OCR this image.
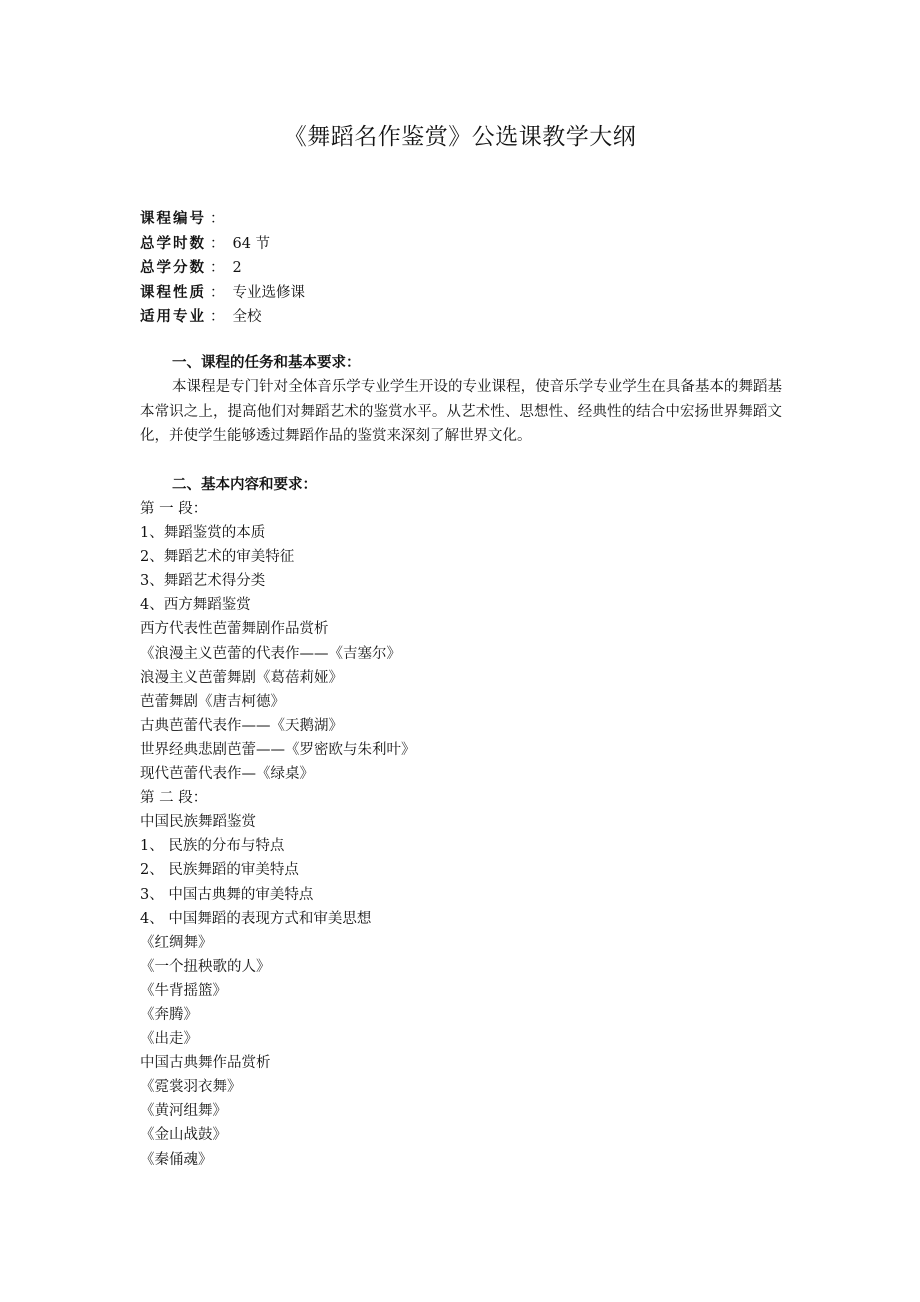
《舞蹈名作鉴赏》公选课教学大纲
课程编号 ：
总学时数 ： 64 节
总学分数 ： 2
课程性质 ： 专业选修课
适用专业 ： 全校
一、课程的任务和基本要求：

本课程是专门针对全体音乐学专业学生开设的专业课程，使音乐学专业学生在具备基本的舞蹈基本常识之上，提高他们对舞蹈艺术的鉴赏水平。从艺术性、思想性、经典性的结合中宏扬世界舞蹈文化，并使学生能够透过舞蹈作品的鉴赏来深刻了解世界文化。

二、基本内容和要求：
第 一 段：
1、舞蹈鉴赏的本质
2、舞蹈艺术的审美特征
3、舞蹈艺术得分类
4、西方舞蹈鉴赏
西方代表性芭蕾舞剧作品赏析
《浪漫主义芭蕾的代表作——《吉塞尔》
浪漫主义芭蕾舞剧《葛蓓莉娅》
芭蕾舞剧《唐吉柯德》
古典芭蕾代表作——《天鹅湖》
世界经典悲剧芭蕾——《罗密欧与朱利叶》
现代芭蕾代表作—《绿桌》
第 二 段：
中国民族舞蹈鉴赏
1、 民族的分布与特点
2、 民族舞蹈的审美特点
3、 中国古典舞的审美特点
4、 中国舞蹈的表现方式和审美思想
《红绸舞》
《一个扭秧歌的人》
《牛背摇篮》
《奔腾》
《出走》
中国古典舞作品赏析
《霓裳羽衣舞》
《黄河组舞》
《金山战鼓》
《秦俑魂》
